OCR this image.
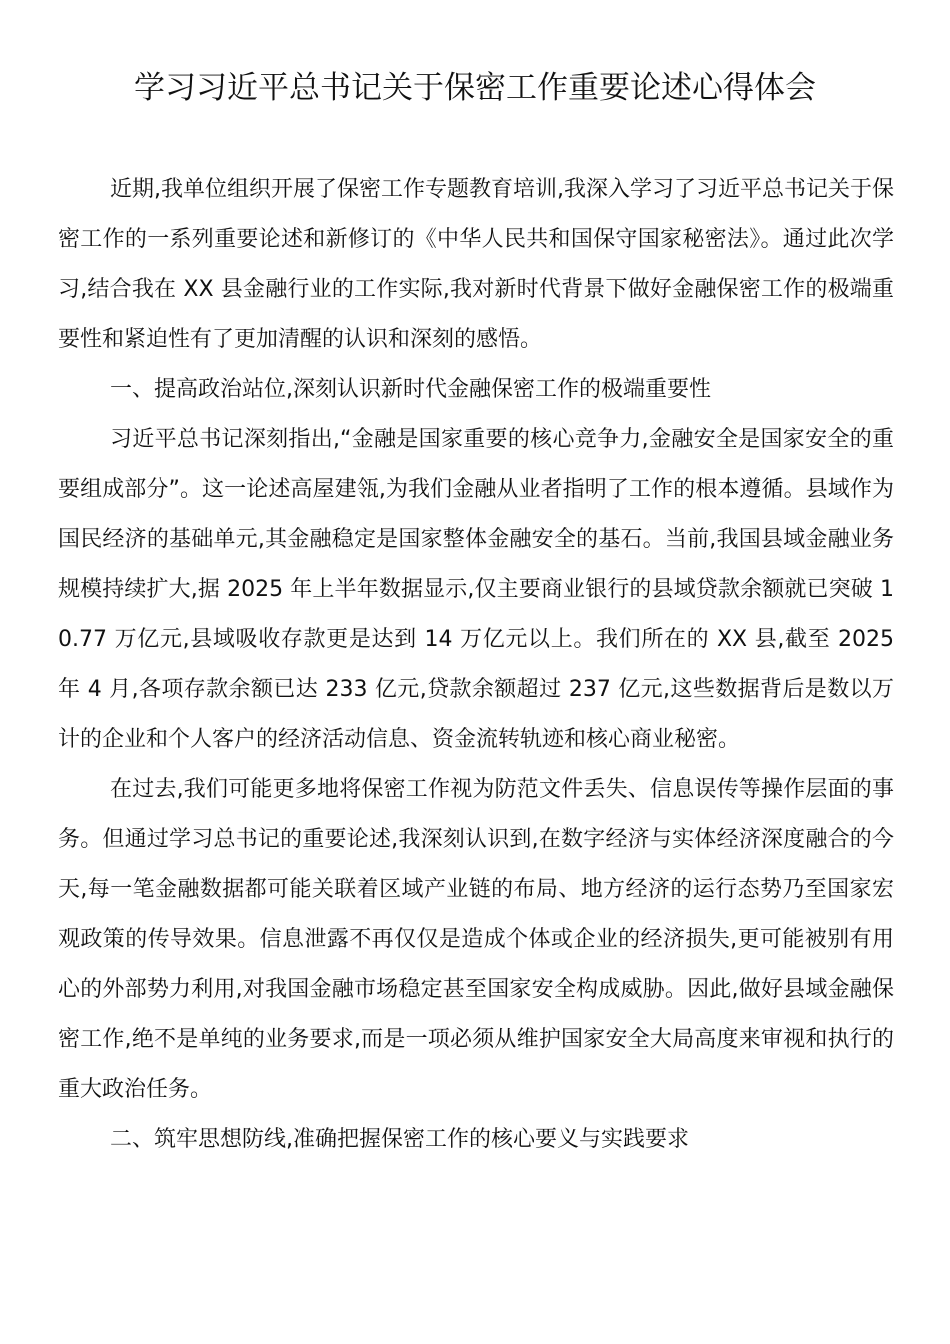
学习习近平总书记关于保密工作重要论述心得体会

近期,我单位组织开展了保密工作专题教育培训,我深入学习了习近平总书记关于保密工作的一系列重要论述和新修订的《中华人民共和国保守国家秘密法》。通过此次学习,结合我在 XX 县金融行业的工作实际,我对新时代背景下做好金融保密工作的极端重要性和紧迫性有了更加清醒的认识和深刻的感悟。

一、提高政治站位,深刻认识新时代金融保密工作的极端重要性

习近平总书记深刻指出,“金融是国家重要的核心竞争力,金融安全是国家安全的重要组成部分”。这一论述高屋建瓴,为我们金融从业者指明了工作的根本遵循。县域作为国民经济的基础单元,其金融稳定是国家整体金融安全的基石。当前,我国县域金融业务规模持续扩大,据 2025 年上半年数据显示,仅主要商业银行的县域贷款余额就已突破 10.77 万亿元,县域吸收存款更是达到 14 万亿元以上。我们所在的 XX 县,截至 2025 年 4 月,各项存款余额已达 233 亿元,贷款余额超过 237 亿元,这些数据背后是数以万计的企业和个人客户的经济活动信息、资金流转轨迹和核心商业秘密。

在过去,我们可能更多地将保密工作视为防范文件丢失、信息误传等操作层面的事务。但通过学习总书记的重要论述,我深刻认识到,在数字经济与实体经济深度融合的今天,每一笔金融数据都可能关联着区域产业链的布局、地方经济的运行态势乃至国家宏观政策的传导效果。信息泄露不再仅仅是造成个体或企业的经济损失,更可能被别有用心的外部势力利用,对我国金融市场稳定甚至国家安全构成威胁。因此,做好县域金融保密工作,绝不是单纯的业务要求,而是一项必须从维护国家安全大局高度来审视和执行的重大政治任务。

二、筑牢思想防线,准确把握保密工作的核心要义与实践要求
